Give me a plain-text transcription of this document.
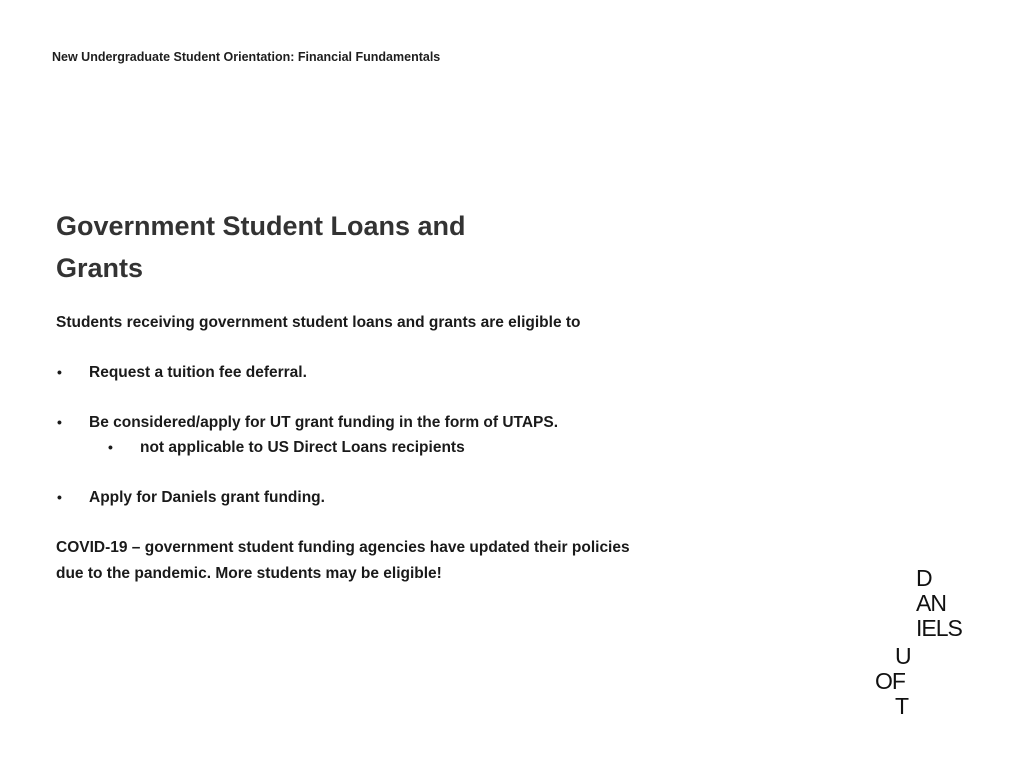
New Undergraduate Student Orientation: Financial Fundamentals
Government Student Loans and
Grants
Students receiving government student loans and grants are eligible to
• Request a tuition fee deferral.
• Be considered/apply for UT grant funding in the form of UTAPS.
• not applicable to US Direct Loans recipients
• Apply for Daniels grant funding.
COVID-19 – government student funding agencies have updated their policies
due to the pandemic. More students may be eligible!	D
AN
IELS
U
OF
T
